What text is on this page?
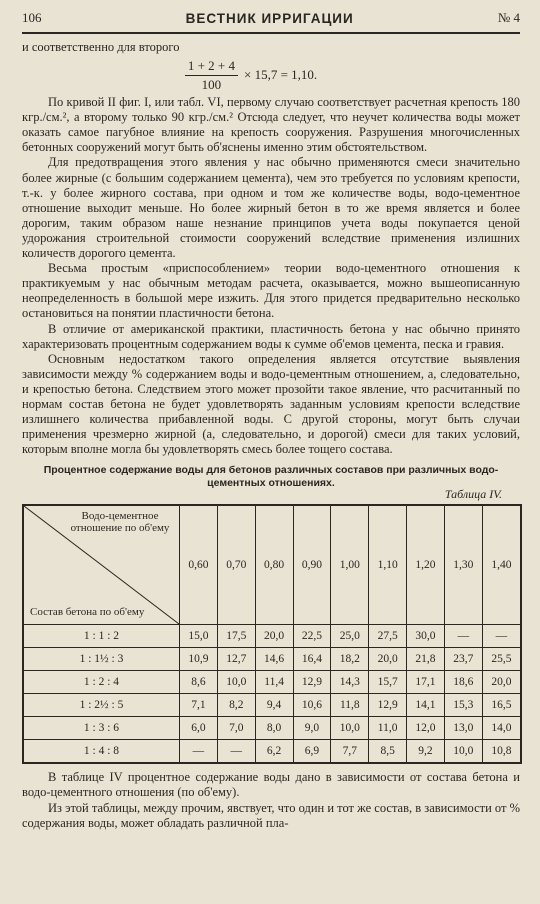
106	ВЕСТНИК ИРРИГАЦИИ	№ 4

и соответственно для второго

$\frac{1 + 2 + 4}{100} \times 15,7 = 1,10$.

По кривой II фиг. I, или табл. VI, первому случаю соответствует расчетная крепость 180 кгр./см.², а второму только 90 кгр./см.² Отсюда следует, что неучет количества воды может оказать самое пагубное влияние на крепость сооружения. Разрушения многочисленных бетонных сооружений могут быть об'яснены именно этим обстоятельством.

Для предотвращения этого явления у нас обычно применяются смеси значительно более жирные (с большим содержанием цемента), чем это требуется по условиям крепости, т.-к. у более жирного состава, при одном и том же количестве воды, водо-цементное отношение выходит меньше. Но более жирный бетон в то же время является и более дорогим, таким образом наше незнание принципов учета воды покупается ценой удорожания строительной стоимости сооружений вследствие применения излишних количеств дорогого цемента.

Весьма простым «приспособлением» теории водо-цементного отношения к практикуемым у нас обычным методам расчета, оказывается, можно вышеописанную неопределенность в большой мере изжить. Для этого придется предварительно несколько остановиться на понятии пластичности бетона.

В отличие от американской практики, пластичность бетона у нас обычно принято характеризовать процентным содержанием воды к сумме об'емов цемента, песка и гравия.

Основным недостатком такого определения является отсутствие выявления зависимости между % содержанием воды и водо-цементным отношением, а, следовательно, и крепостью бетона. Следствием этого может прозойти такое явление, что расчитанный по нормам состав бетона не будет удовлетворять заданным условиям крепости вследствие излишнего количества прибавленной воды. С другой стороны, могут быть случаи применения чрезмерно жирной (а, следовательно, и дорогой) смеси для таких условий, которым вполне могла бы удовлетворять смесь более тощего состава.

Процентное содержание воды для бетонов различных составов при различных водо-цементных отношениях.
Таблица IV.
Водо-цементное отношение по об'ему
Состав бетона по об'ему	0,60	0,70	0,80	0,90	1,00	1,10	1,20	1,30	1,40
1 : 1 : 2	15,0	17,5	20,0	22,5	25,0	27,5	30,0	—	—
1 : 1½ : 3	10,9	12,7	14,6	16,4	18,2	20,0	21,8	23,7	25,5
1 : 2 : 4	8,6	10,0	11,4	12,9	14,3	15,7	17,1	18,6	20,0
1 : 2½ : 5	7,1	8,2	9,4	10,6	11,8	12,9	14,1	15,3	16,5
1 : 3 : 6	6,0	7,0	8,0	9,0	10,0	11,0	12,0	13,0	14,0
1 : 4 : 8	—	—	6,2	6,9	7,7	8,5	9,2	10,0	10,8

В таблице IV процентное содержание воды дано в зависимости от состава бетона и водо-цементного отношения (по об'ему).

Из этой таблицы, между прочим, явствует, что один и тот же состав, в зависимости от % содержания воды, может обладать различной пла-
